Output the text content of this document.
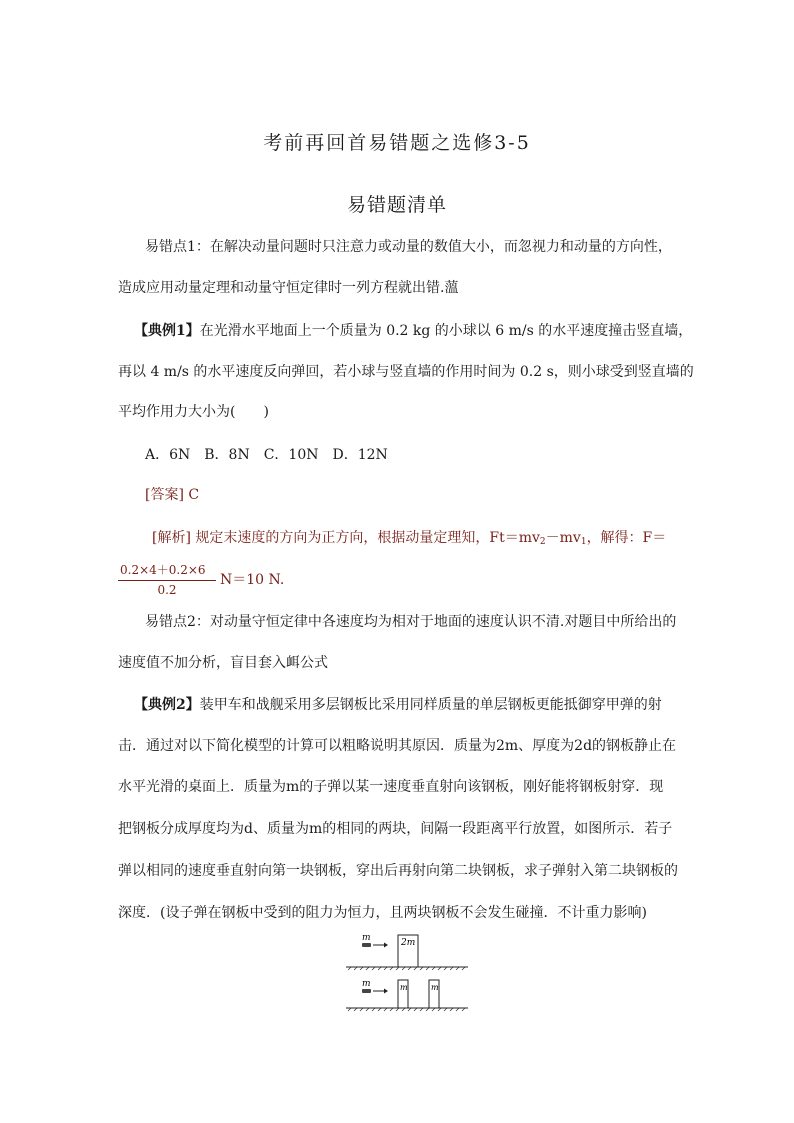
考前再回首易错题之选修3-5
易错题清单
易错点1：在解决动量问题时只注意力或动量的数值大小，而忽视力和动量的方向性，
造成应用动量定理和动量守恒定律时一列方程就出错.薀
【典例1】在光滑水平地面上一个质量为 0.2 kg 的小球以 6 m/s 的水平速度撞击竖直墙，
再以 4 m/s 的水平速度反向弹回，若小球与竖直墙的作用时间为 0.2 s，则小球受到竖直墙的
平均作用力大小为(　　)
A．6N　B．8N　C．10N　D．12N
[答案] C
[解析] 规定末速度的方向为正方向，根据动量定理知，$Ft=mv_2-mv_1$，解得：F＝
0.2×4＋0.2×6
0.2
N＝10 N.
易错点2：对动量守恒定律中各速度均为相对于地面的速度认识不清.对题目中所给出的
速度值不加分析，盲目套入衈公式
【典例2】装甲车和战舰采用多层钢板比采用同样质量的单层钢板更能抵御穿甲弹的射
击．通过对以下简化模型的计算可以粗略说明其原因．质量为2m、厚度为2d的钢板静止在
水平光滑的桌面上．质量为m的子弹以某一速度垂直射向该钢板，刚好能将钢板射穿．现
把钢板分成厚度均为d、质量为m的相同的两块，间隔一段距离平行放置，如图所示．若子
弹以相同的速度垂直射向第一块钢板，穿出后再射向第二块钢板，求子弹射入第二块钢板的
深度．(设子弹在钢板中受到的阻力为恒力，且两块钢板不会发生碰撞．不计重力影响)
m	2m
m	m	m
